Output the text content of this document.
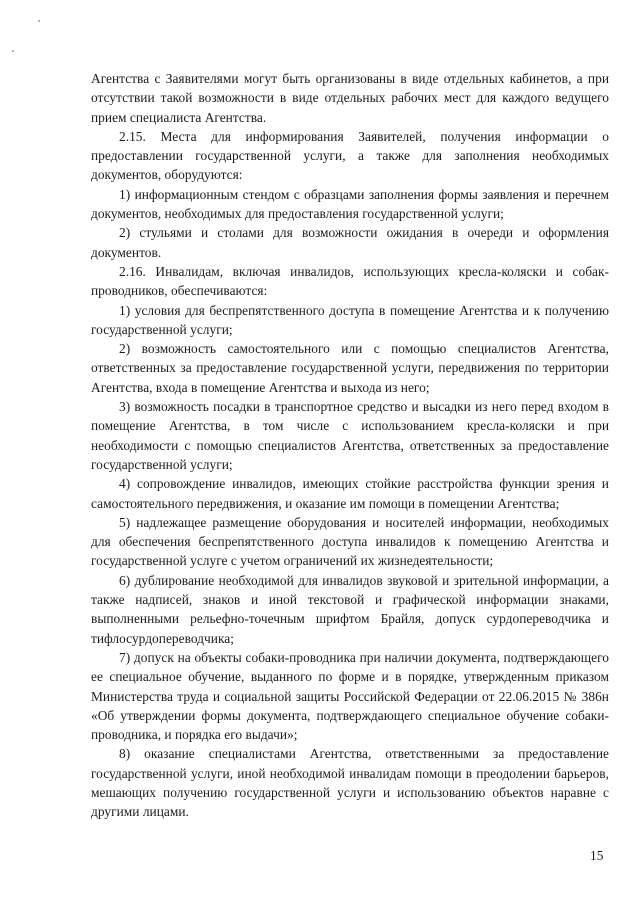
Агентства с Заявителями могут быть организованы в виде отдельных кабинетов, а при отсутствии такой возможности в виде отдельных рабочих мест для каждого ведущего прием специалиста Агентства.

2.15. Места для информирования Заявителей, получения информации о предоставлении государственной услуги, а также для заполнения необходимых документов, оборудуются:

1) информационным стендом с образцами заполнения формы заявления и перечнем документов, необходимых для предоставления государственной услуги;

2) стульями и столами для возможности ожидания в очереди и оформления документов.

2.16. Инвалидам, включая инвалидов, использующих кресла-коляски и собак-проводников, обеспечиваются:

1) условия для беспрепятственного доступа в помещение Агентства и к получению государственной услуги;

2) возможность самостоятельного или с помощью специалистов Агентства, ответственных за предоставление государственной услуги, передвижения по территории Агентства, входа в помещение Агентства и выхода из него;

3) возможность посадки в транспортное средство и высадки из него перед входом в помещение Агентства, в том числе с использованием кресла-коляски и при необходимости с помощью специалистов Агентства, ответственных за предоставление государственной услуги;

4) сопровождение инвалидов, имеющих стойкие расстройства функции зрения и самостоятельного передвижения, и оказание им помощи в помещении Агентства;

5) надлежащее размещение оборудования и носителей информации, необходимых для обеспечения беспрепятственного доступа инвалидов к помещению Агентства и государственной услуге с учетом ограничений их жизнедеятельности;

6) дублирование необходимой для инвалидов звуковой и зрительной информации, а также надписей, знаков и иной текстовой и графической информации знаками, выполненными рельефно-точечным шрифтом Брайля, допуск сурдопереводчика и тифлосурдопереводчика;

7) допуск на объекты собаки-проводника при наличии документа, подтверждающего ее специальное обучение, выданного по форме и в порядке, утвержденным приказом Министерства труда и социальной защиты Российской Федерации от 22.06.2015 № 386н «Об утверждении формы документа, подтверждающего специальное обучение собаки-проводника, и порядка его выдачи»;

8) оказание специалистами Агентства, ответственными за предоставление государственной услуги, иной необходимой инвалидам помощи в преодолении барьеров, мешающих получению государственной услуги и использованию объектов наравне с другими лицами.

15
